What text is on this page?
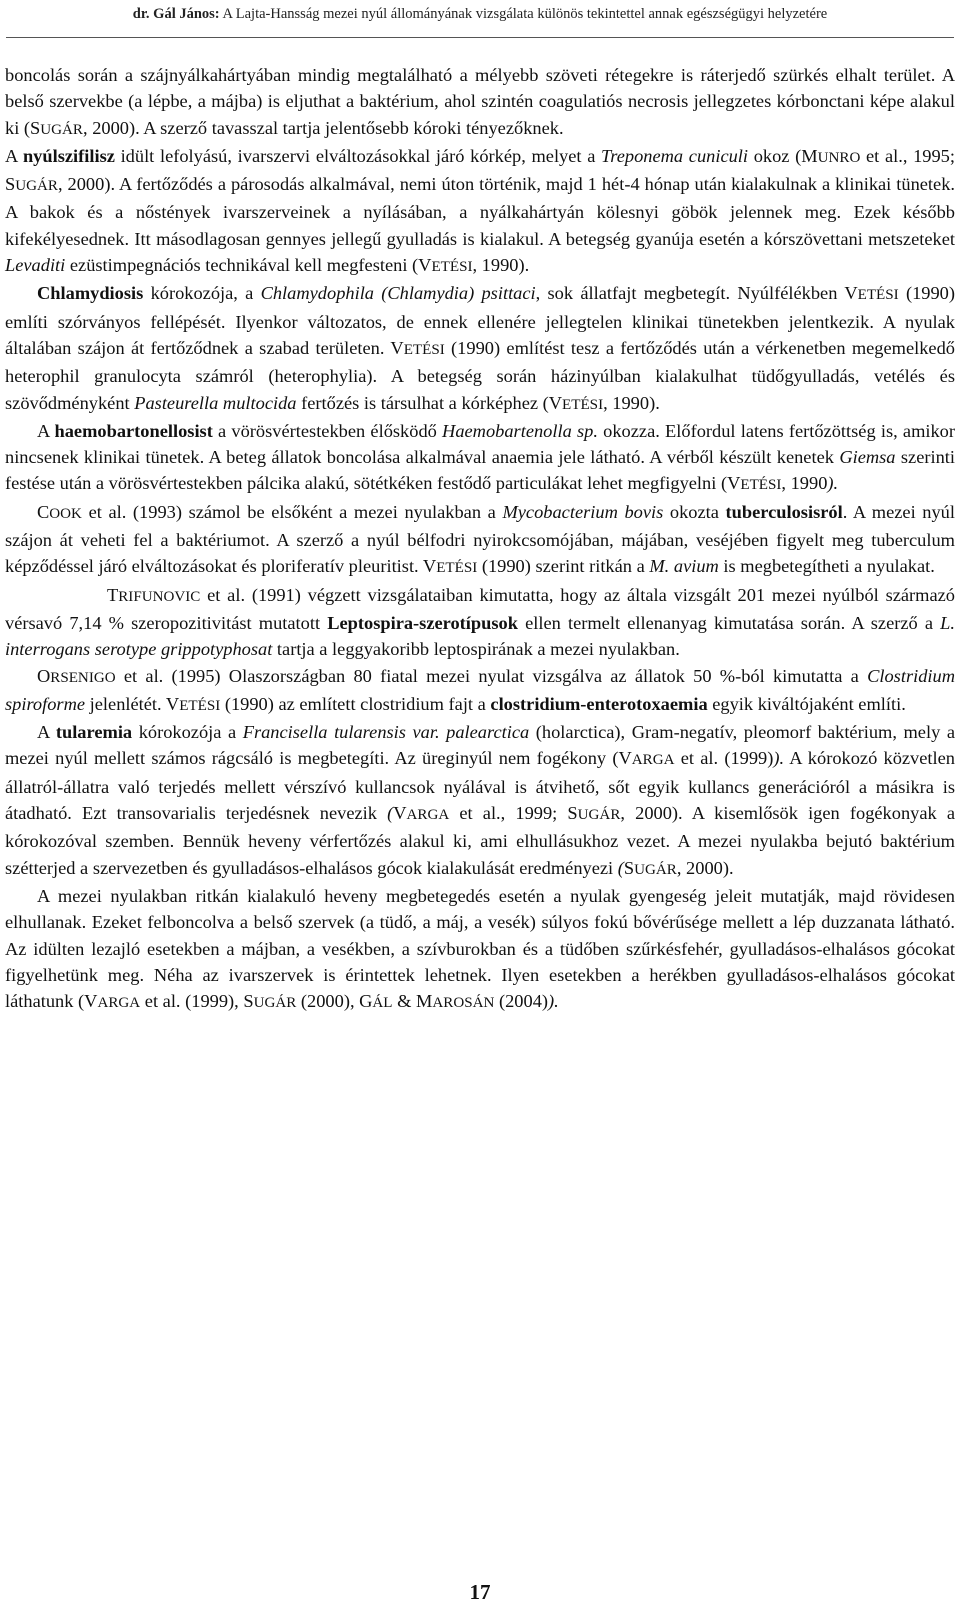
dr. Gál János: A Lajta-Hansság mezei nyúl állományának vizsgálata különös tekintettel annak egészségügyi helyzetére

boncolás során a szájnyálkahártyában mindig megtalálható a mélyebb szöveti rétegekre is ráterjedő szürkés elhalt terület. A belső szervekbe (a lépbe, a májba) is eljuthat a baktérium, ahol szintén coagulatiós necrosis jellegzetes kórbonctani képe alakul ki (SUGÁR, 2000). A szerző tavasszal tartja jelentősebb kóroki tényezőknek.

A nyúlszifilisz idült lefolyású, ivarszervi elváltozásokkal járó kórkép, melyet a Treponema cuniculi okoz (MUNRO et al., 1995; SUGÁR, 2000). A fertőződés a párosodás alkalmával, nemi úton történik, majd 1 hét-4 hónap után kialakulnak a klinikai tünetek. A bakok és a nőstények ivarszerveinek a nyílásában, a nyálkahártyán kölesnyi göbök jelennek meg. Ezek később kifekélyesednek. Itt másodlagosan gennyes jellegű gyulladás is kialakul. A betegség gyanúja esetén a kórszövettani metszeteket Levaditi ezüstimpegnációs technikával kell megfesteni (VETÉSI, 1990).

Chlamydiosis kórokozója, a Chlamydophila (Chlamydia) psittaci, sok állatfajt megbetegít. Nyúlfélékben VETÉSI (1990) említi szórványos fellépését. Ilyenkor változatos, de ennek ellenére jellegtelen klinikai tünetekben jelentkezik. A nyulak általában szájon át fertőződnek a szabad területen. VETÉSI (1990) említést tesz a fertőződés után a vérkenetben megemelkedő heterophil granulocyta számról (heterophylia). A betegség során házinyúlban kialakulhat tüdőgyulladás, vetélés és szövődményként Pasteurella multocida fertőzés is társulhat a kórképhez (VETÉSI, 1990).

A haemobartonellosist a vörösvértestekben élősködő Haemobartenolla sp. okozza. Előfordul latens fertőzöttség is, amikor nincsenek klinikai tünetek. A beteg állatok boncolása alkalmával anaemia jele látható. A vérből készült kenetek Giemsa szerinti festése után a vörösvértestekben pálcika alakú, sötétkéken festődő particulákat lehet megfigyelni (VETÉSI, 1990).

COOK et al. (1993) számol be elsőként a mezei nyulakban a Mycobacterium bovis okozta tuberculosisról. A mezei nyúl szájon át veheti fel a baktériumot. A szerző a nyúl bélfodri nyirokcsomójában, májában, veséjében figyelt meg tuberculum képződéssel járó elváltozásokat és ploriferatív pleuritist. VETÉSI (1990) szerint ritkán a M. avium is megbetegítheti a nyulakat.

TRIFUNOVIC et al. (1991) végzett vizsgálataiban kimutatta, hogy az általa vizsgált 201 mezei nyúlból származó vérsavó 7,14 % szeropozitivitást mutatott Leptospira-szerotípusok ellen termelt ellenanyag kimutatása során. A szerző a L. interrogans serotype grippotyphosat tartja a leggyakoribb leptospirának a mezei nyulakban.

ORSENIGO et al. (1995) Olaszországban 80 fiatal mezei nyulat vizsgálva az állatok 50 %-ból kimutatta a Clostridium spiroforme jelenlétét. VETÉSI (1990) az említett clostridium fajt a clostridium-enterotoxaemia egyik kiváltójaként említi.

A tularemia kórokozója a Francisella tularensis var. palearctica (holarctica), Gram-negatív, pleomorf baktérium, mely a mezei nyúl mellett számos rágcsáló is megbetegíti. Az üreginyúl nem fogékony (VARGA et al. (1999)). A kórokozó közvetlen állatról-állatra való terjedés mellett vérszívó kullancsok nyálával is átvihető, sőt egyik kullancs generációról a másikra is átadható. Ezt transovarialis terjedésnek nevezik (VARGA et al., 1999; SUGÁR, 2000). A kisemlősök igen fogékonyak a kórokozóval szemben. Bennük heveny vérfertőzés alakul ki, ami elhullásukhoz vezet. A mezei nyulakba bejutó baktérium szétterjed a szervezetben és gyulladásos-elhalásos gócok kialakulását eredményezi (SUGÁR, 2000).

A mezei nyulakban ritkán kialakuló heveny megbetegedés esetén a nyulak gyengeség jeleit mutatják, majd rövidesen elhullanak. Ezeket felboncolva a belső szervek (a tüdő, a máj, a vesék) súlyos fokú bővérűsége mellett a lép duzzanata látható. Az idülten lezajló esetekben a májban, a vesékben, a szívburokban és a tüdőben szűrkésfehér, gyulladásos-elhalásos gócokat figyelhetünk meg. Néha az ivarszervek is érintettek lehetnek. Ilyen esetekben a herékben gyulladásos-elhalásos gócokat láthatunk (VARGA et al. (1999), SUGÁR (2000), GÁL & MAROSÁN (2004)).

17
